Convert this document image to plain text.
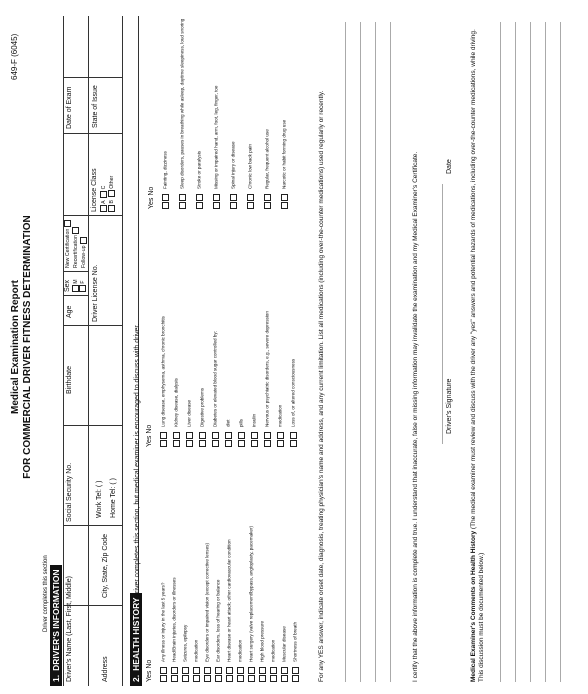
649-F (6045)
Medical Examination Report FOR COMMERCIAL DRIVER FITNESS DETERMINATION
Driver completes this section
1.DRIVER'S INFORMATION Driver's Name (Last, First, Middle)
Social Security No.
Birthdate
Age
Sex M F
New Certification Recertification Follow-up
Date of Exam
Address
City, State, Zip Code
Work Tel: ( ) Home Tel: ( )
Driver License No.
License Class A   C
B   Other
State of Issue
2.HEALTH HISTORY
Driver completes this section, but medical examiner is encouraged to discuss with driver.
Yes No
Yes No
Yes No
Any illness or injury in the last 5 years? Head/Brain injuries, disorders or illnesses Seizures, epilepsy medication Eye disorders or impaired vision (except corrective lenses) Ear disorders, loss of hearing or balance Heart disease or heart attack; other cardiovascular condition medication Heart surgery (valve replacement/bypass, angioplasty, pacemaker) High blood pressure medication Muscular disease Shortness of breath
Lung disease, emphysema, asthma, chronic bronchitis Kidney disease, dialysis Liver disease Digestive problems Diabetes or elevated blood sugar controlled by: diet pills insulin Nervous or psychiatric disorders, e.g., severe depression medication Loss of, or altered consciousness
Fainting, dizziness	Sleep disorders, pauses in breathing while asleep, daytime sleepiness, loud snoring	Stroke or paralysis	Missing or impaired hand, arm, foot, leg, finger, toe	Spinal injury or disease	Chronic low back pain	Regular, frequent alcohol use	Narcotic or habit forming drug use	For any YES answer, indicate onset date, diagnosis, treating physician's name and address, and any current limitation. List all medications (including over-the-counter medications) used regularly or recently.	I certify that the above information is complete and true. I understand that inaccurate, false or missing information may invalidate the examination and my Medical Examiner's Certificate.	Driver's Signature
Date
Medical Examiner's Comments on Health History (The medical examiner must review and discuss with the driver any "yes" answers and potential hazards of medications, including over-the-counter medications, while driving. This discussion must be documented below.)
